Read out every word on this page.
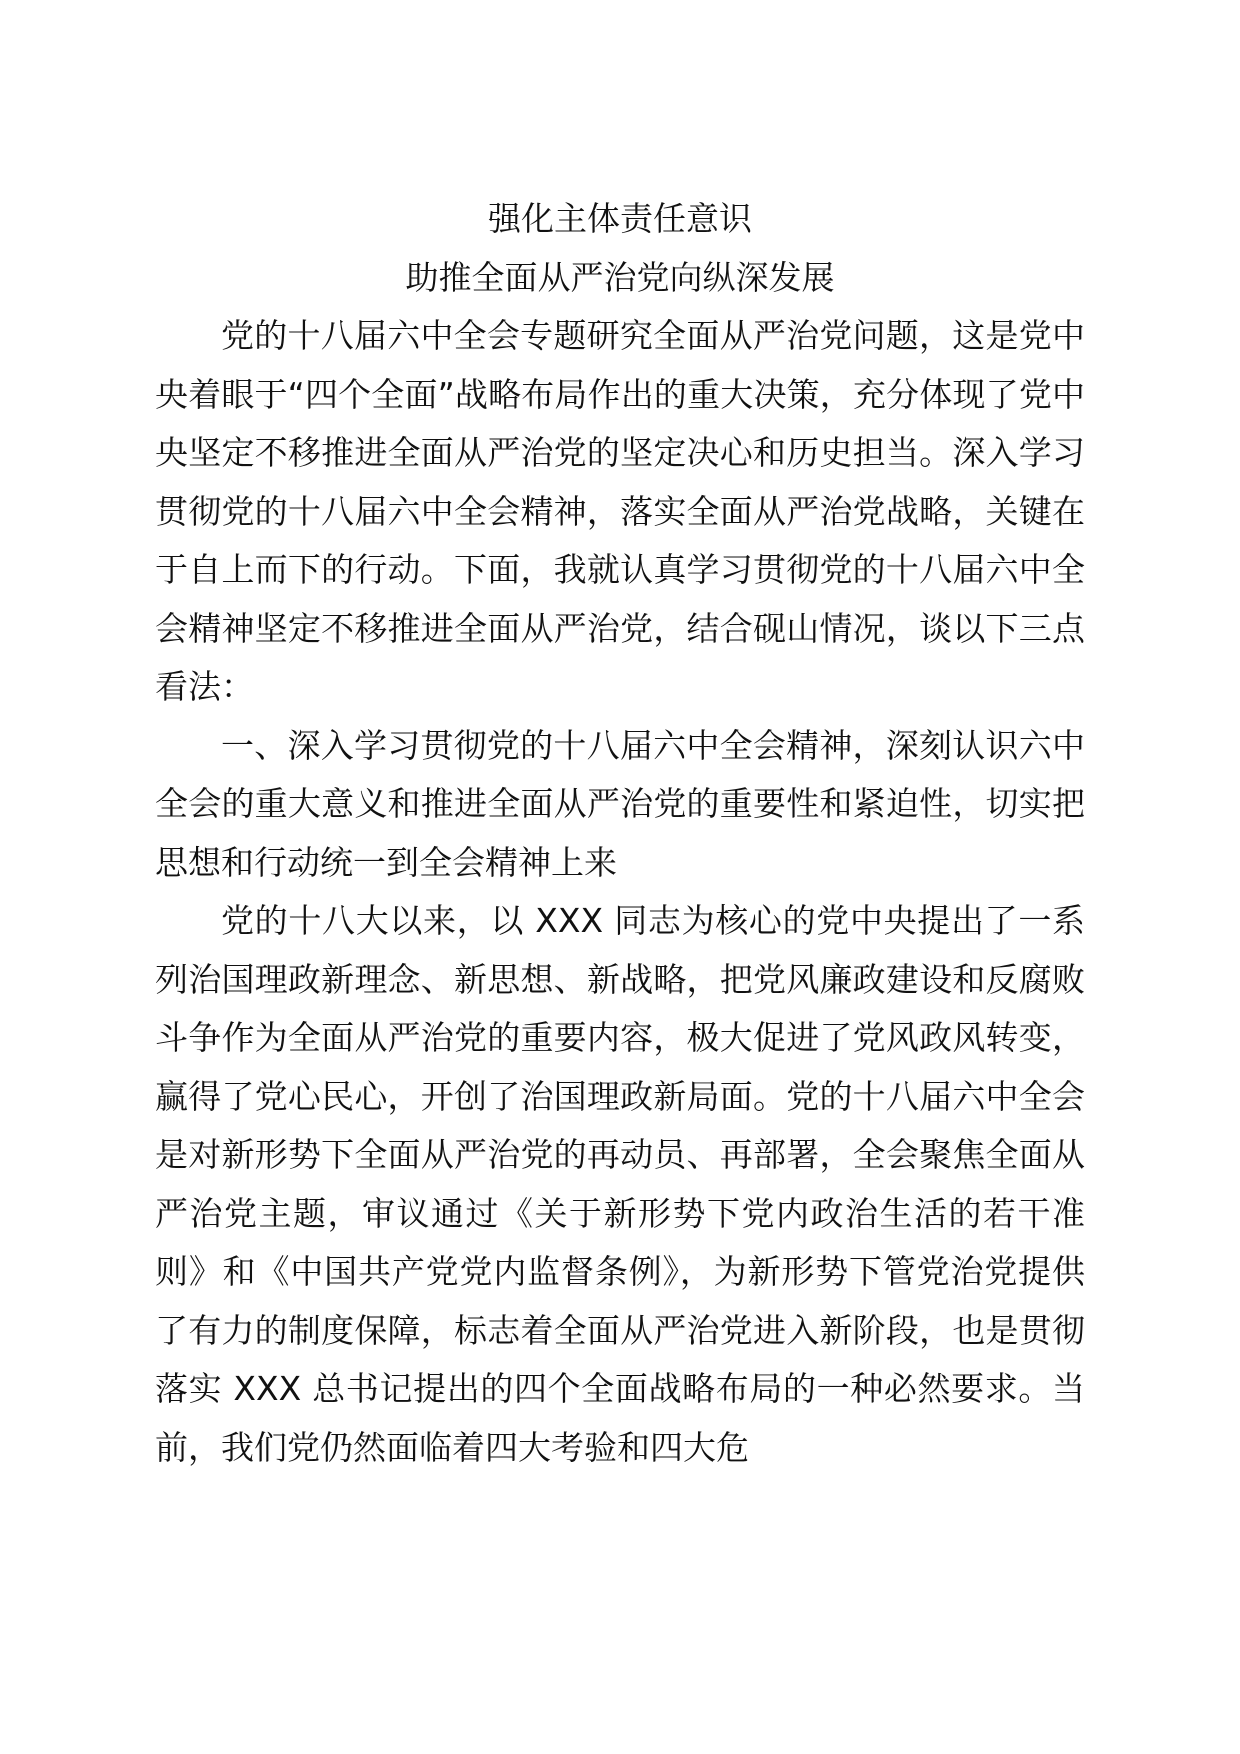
强化主体责任意识
助推全面从严治党向纵深发展

党的十八届六中全会专题研究全面从严治党问题，这是党中央着眼于“四个全面”战略布局作出的重大决策，充分体现了党中央坚定不移推进全面从严治党的坚定决心和历史担当。深入学习贯彻党的十八届六中全会精神，落实全面从严治党战略，关键在于自上而下的行动。下面，我就认真学习贯彻党的十八届六中全会精神坚定不移推进全面从严治党，结合砚山情况，谈以下三点看法：

一、深入学习贯彻党的十八届六中全会精神，深刻认识六中全会的重大意义和推进全面从严治党的重要性和紧迫性，切实把思想和行动统一到全会精神上来

党的十八大以来，以 XXX 同志为核心的党中央提出了一系列治国理政新理念、新思想、新战略，把党风廉政建设和反腐败斗争作为全面从严治党的重要内容，极大促进了党风政风转变，赢得了党心民心，开创了治国理政新局面。党的十八届六中全会是对新形势下全面从严治党的再动员、再部署，全会聚焦全面从严治党主题，审议通过《关于新形势下党内政治生活的若干准则》和《中国共产党党内监督条例》，为新形势下管党治党提供了有力的制度保障，标志着全面从严治党进入新阶段，也是贯彻落实 XXX 总书记提出的四个全面战略布局的一种必然要求。当前，我们党仍然面临着四大考验和四大危
